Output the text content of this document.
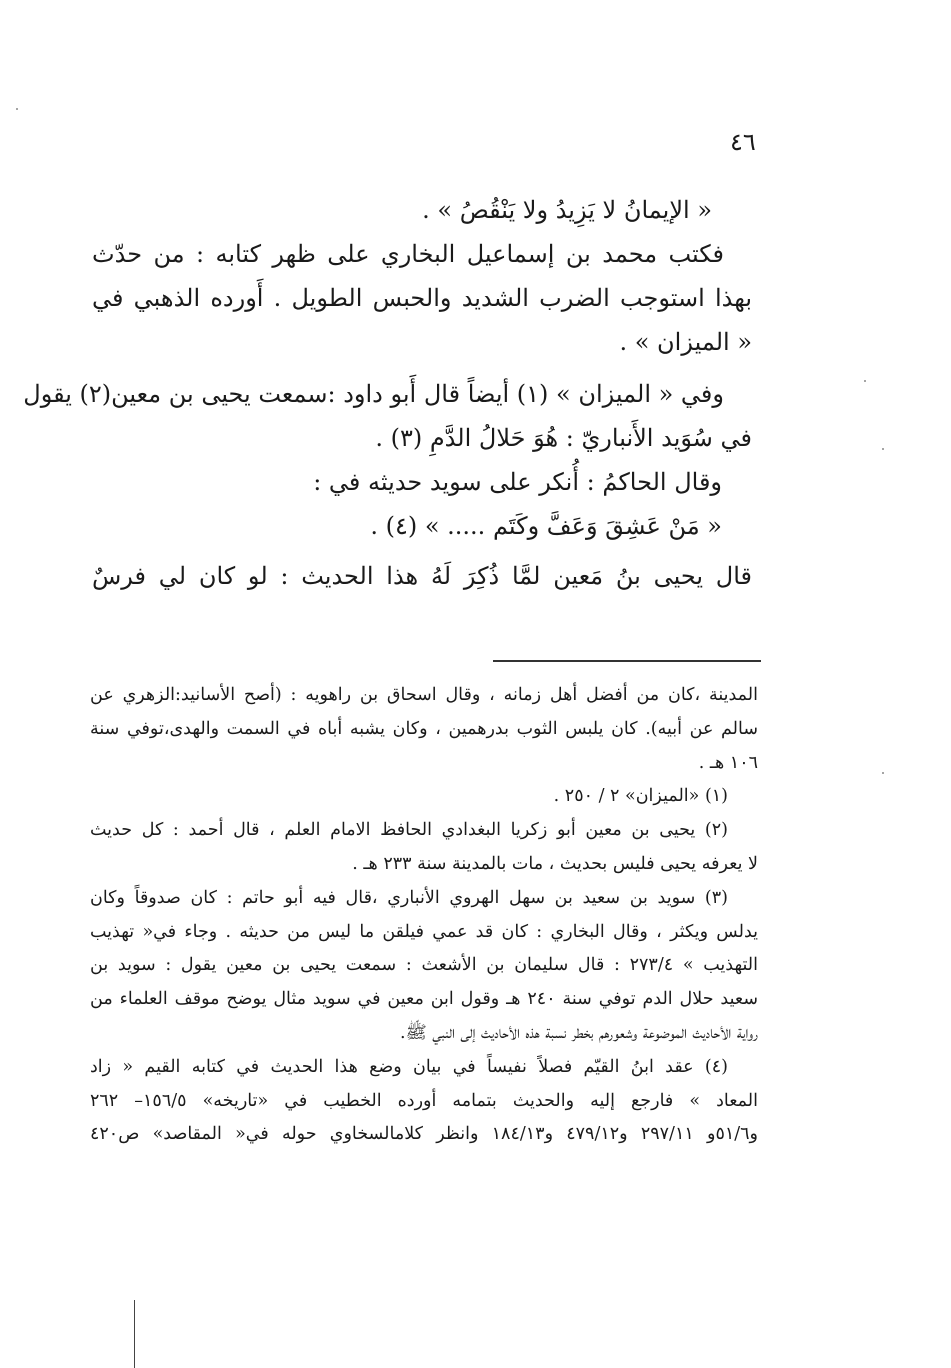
٤٦
« الإيمانُ لا يَزِيدُ ولا يَنْقُصُ » .
فكتب محمد بن إسماعيل البخاري على ظهر كتابه : من حدّث
بهذا استوجب الضرب الشديد والحبس الطويل . أَورده الذهبي في
« الميزان » .
وفي « الميزان » (١) أيضاً قال أَبو داود :سمعت يحيى بن معين(٢) يقول
في سُوَيد الأَنباريّ : هُوَ حَلالُ الدَّمِ (٣) .
وقال الحاكمُ : أُنكر على سويد حديثه في :
« مَنْ عَشِقَ وَعَفَّ وكَتَم ..... » (٤) .
قال يحيى بنُ مَعين لمَّا ذُكِرَ لَهُ هذا الحديث : لو كان لي فرسٌ
المدينة ،كان من أفضل أهل زمانه ، وقال اسحاق بن راهويه : (أصح الأسانيد:الزهري عن
سالم عن أبيه). كان يلبس الثوب بدرهمين ، وكان يشبه أباه في السمت والهدى،توفي سنة
١٠٦ هـ .
(١) «الميزان» ٢ / ٢٥٠ .
(٢) يحيى بن معين أبو زكريا البغدادي الحافظ الامام العلم ، قال أحمد : كل حديث
لا يعرفه يحيى فليس بحديث ، مات بالمدينة سنة ٢٣٣ هـ .
(٣) سويد بن سعيد بن سهل الهروي الأنباري ،قال فيه أبو حاتم : كان صدوقاً وكان
يدلس ويكثر ، وقال البخاري : كان قد عمي فيلقن ما ليس من حديثه . وجاء في« تهذيب
التهذيب » ٢٧٣/٤ : قال سليمان بن الأشعث : سمعت يحيى بن معين يقول : سويد بن
سعيد حلال الدم توفي سنة ٢٤٠ هـ وقول ابن معين في سويد مثال يوضح موقف العلماء من
رواية الأحاديث الموضوعة وشعورهم بخطر نسبة هذه الأحاديث إلى النبي ﷺ.
(٤) عقد ابنُ القيّم فصلاً نفيساً في بيان وضع هذا الحديث في كتابه القيم « زاد
المعاد » فارجع إليه والحديث بتمامه أورده الخطيب في «تاريخه» ١٥٦/٥– ٢٦٢
و٥١/٦و ٢٩٧/١١ و٤٧٩/١٢ و١٨٤/١٣ وانظر كلامالسخاوي حوله في« المقاصد» ص٤٢٠
